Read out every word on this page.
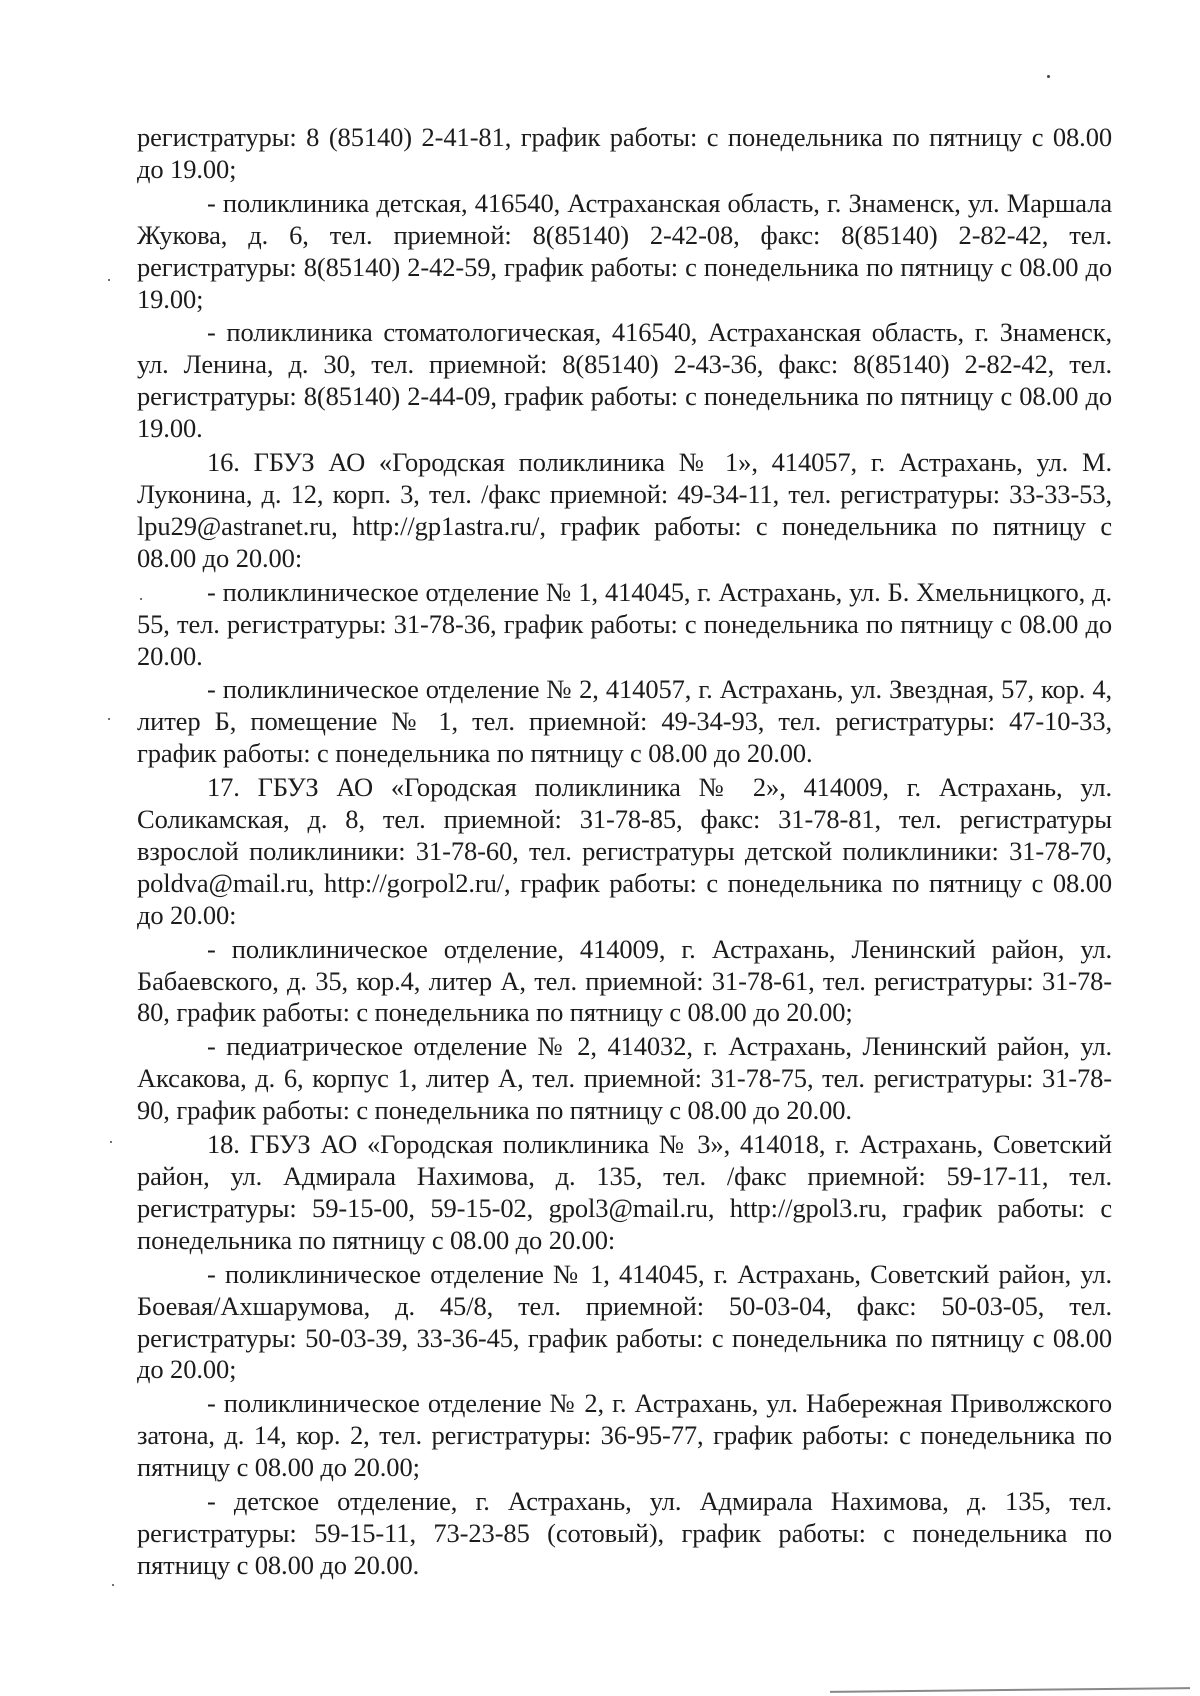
регистратуры: 8 (85140) 2-41-81, график работы: с понедельника по пятницу с 08.00 до 19.00;

- поликлиника детская, 416540, Астраханская область, г. Знаменск, ул. Маршала Жукова, д. 6, тел. приемной: 8(85140) 2-42-08, факс: 8(85140) 2-82-42, тел. регистратуры: 8(85140) 2-42-59, график работы: с понедельника по пятницу с 08.00 до 19.00;

- поликлиника стоматологическая, 416540, Астраханская область, г. Знаменск, ул. Ленина, д. 30, тел. приемной: 8(85140) 2-43-36, факс: 8(85140) 2-82-42, тел. регистратуры: 8(85140) 2-44-09, график работы: с понедельника по пятницу с 08.00 до 19.00.

16. ГБУЗ АО «Городская поликлиника № 1», 414057, г. Астрахань, ул. М. Луконина, д. 12, корп. 3, тел. /факс приемной: 49-34-11, тел. регистратуры: 33-33-53, lpu29@astranet.ru, http://gp1astra.ru/, график работы: с понедельника по пятницу с 08.00 до 20.00:

- поликлиническое отделение № 1, 414045, г. Астрахань, ул. Б. Хмельницкого, д. 55, тел. регистратуры: 31-78-36, график работы: с понедельника по пятницу с 08.00 до 20.00.

- поликлиническое отделение № 2, 414057, г. Астрахань, ул. Звездная, 57, кор. 4, литер Б, помещение № 1, тел. приемной: 49-34-93, тел. регистратуры: 47-10-33, график работы: с понедельника по пятницу с 08.00 до 20.00.

17. ГБУЗ АО «Городская поликлиника № 2», 414009, г. Астрахань, ул. Соликамская, д. 8, тел. приемной: 31-78-85, факс: 31-78-81, тел. регистратуры взрослой поликлиники: 31-78-60, тел. регистратуры детской поликлиники: 31-78-70, poldva@mail.ru, http://gorpol2.ru/, график работы: с понедельника по пятницу с 08.00 до 20.00:

- поликлиническое отделение, 414009, г. Астрахань, Ленинский район, ул. Бабаевского, д. 35, кор.4, литер А, тел. приемной: 31-78-61, тел. регистратуры: 31-78-80, график работы: с понедельника по пятницу с 08.00 до 20.00;

- педиатрическое отделение № 2, 414032, г. Астрахань, Ленинский район, ул. Аксакова, д. 6, корпус 1, литер А, тел. приемной: 31-78-75, тел. регистратуры: 31-78-90, график работы: с понедельника по пятницу с 08.00 до 20.00.

18. ГБУЗ АО «Городская поликлиника № 3», 414018, г. Астрахань, Советский район, ул. Адмирала Нахимова, д. 135, тел. /факс приемной: 59-17-11, тел. регистратуры: 59-15-00, 59-15-02, gpol3@mail.ru, http://gpol3.ru, график работы: с понедельника по пятницу с 08.00 до 20.00:

- поликлиническое отделение № 1, 414045, г. Астрахань, Советский район, ул. Боевая/Ахшарумова, д. 45/8, тел. приемной: 50-03-04, факс: 50-03-05, тел. регистратуры: 50-03-39, 33-36-45, график работы: с понедельника по пятницу с 08.00 до 20.00;

- поликлиническое отделение № 2, г. Астрахань, ул. Набережная Приволжского затона, д. 14, кор. 2, тел. регистратуры: 36-95-77, график работы: с понедельника по пятницу с 08.00 до 20.00;

- детское отделение, г. Астрахань, ул. Адмирала Нахимова, д. 135, тел. регистратуры: 59-15-11, 73-23-85 (сотовый), график работы: с понедельника по пятницу с 08.00 до 20.00.
